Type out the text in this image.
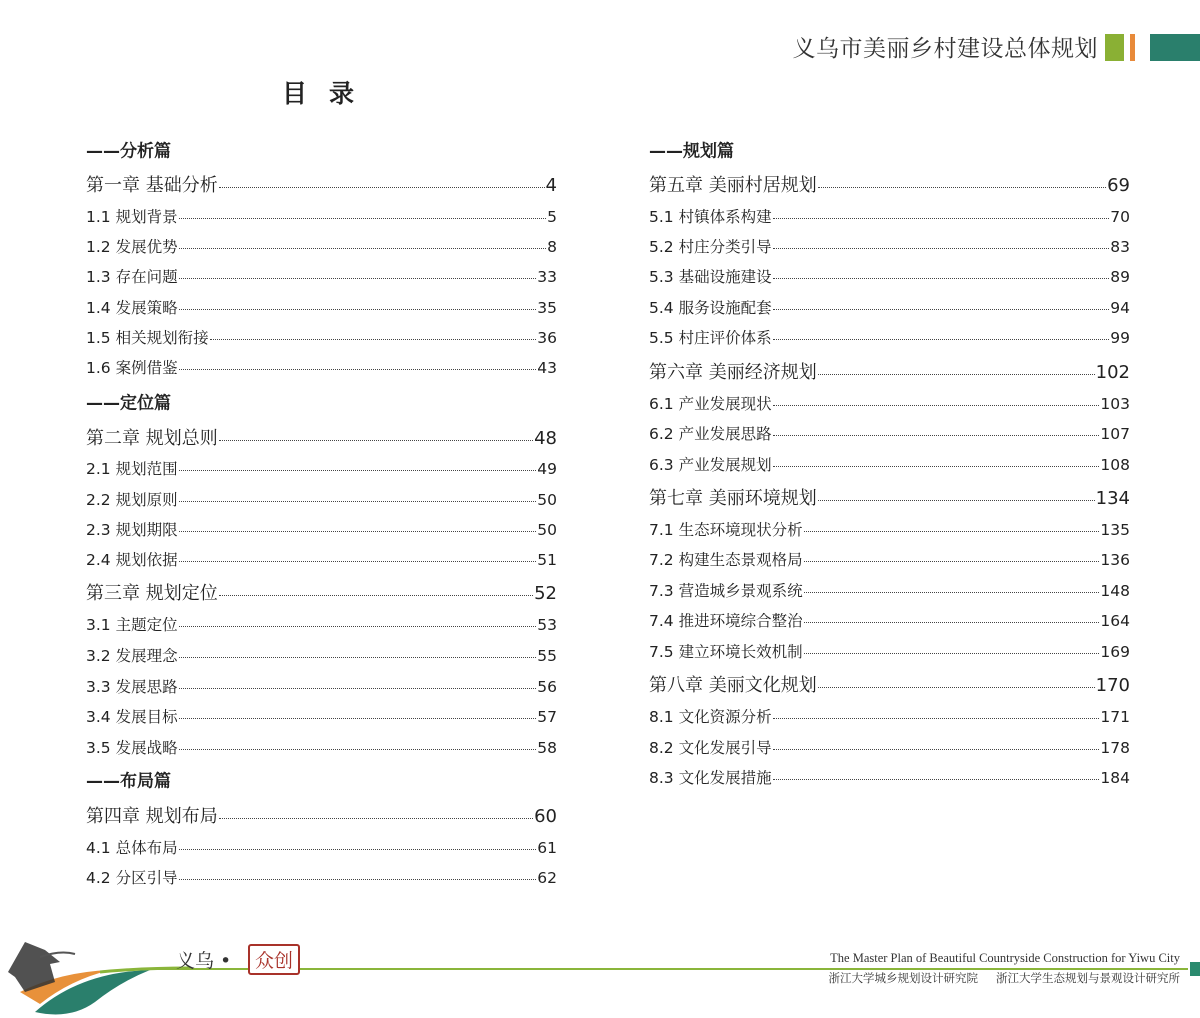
义乌市美丽乡村建设总体规划
目录
——分析篇
第一章 基础分析	4
1.1 规划背景	5
1.2 发展优势	8
1.3 存在问题	33
1.4 发展策略	35
1.5 相关规划衔接	36
1.6 案例借鉴	43
——定位篇
第二章 规划总则	48
2.1 规划范围	49
2.2 规划原则	50
2.3 规划期限	50
2.4 规划依据	51
第三章 规划定位	52
3.1 主题定位	53
3.2 发展理念	55
3.3 发展思路	56
3.4 发展目标	57
3.5 发展战略	58
——布局篇
第四章 规划布局	60
4.1 总体布局	61
4.2 分区引导	62
——规划篇
第五章 美丽村居规划	69
5.1 村镇体系构建	70
5.2 村庄分类引导	83
5.3 基础设施建设	89
5.4 服务设施配套	94
5.5 村庄评价体系	99
第六章 美丽经济规划	102
6.1 产业发展现状	103
6.2 产业发展思路	107
6.3 产业发展规划	108
第七章 美丽环境规划	134
7.1 生态环境现状分析	135
7.2 构建生态景观格局	136
7.3 营造城乡景观系统	148
7.4 推进环境综合整治	164
7.5 建立环境长效机制	169
第八章 美丽文化规划	170
8.1 文化资源分析	171
8.2 文化发展引导	178
8.3 文化发展措施	184
义乌 •	众创	The Master Plan of Beautiful Countryside Construction for Yiwu City
浙江大学城乡规划设计研究院 浙江大学生态规划与景观设计研究所
